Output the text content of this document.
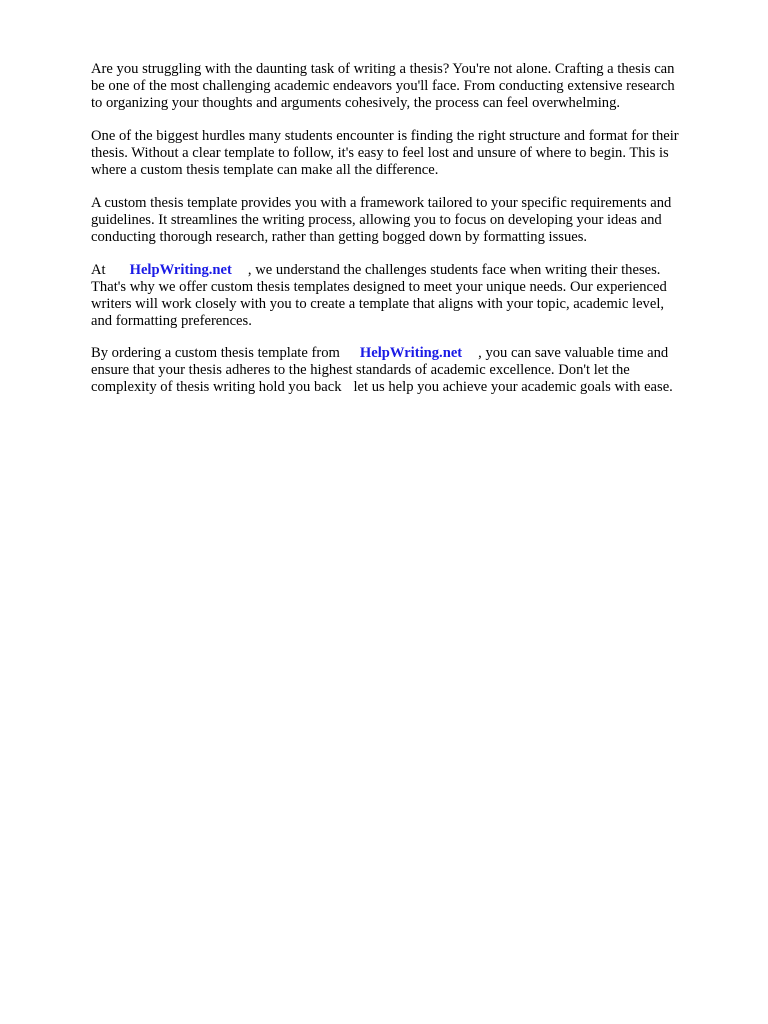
Are you struggling with the daunting task of writing a thesis? You're not alone. Crafting a thesis can
be one of the most challenging academic endeavors you'll face. From conducting extensive research
to organizing your thoughts and arguments cohesively, the process can feel overwhelming.

One of the biggest hurdles many students encounter is finding the right structure and format for their
thesis. Without a clear template to follow, it's easy to feel lost and unsure of where to begin. This is
where a custom thesis template can make all the difference.

A custom thesis template provides you with a framework tailored to your specific requirements and
guidelines. It streamlines the writing process, allowing you to focus on developing your ideas and
conducting thorough research, rather than getting bogged down by formatting issues.

At HelpWriting.net , we understand the challenges students face when writing their theses.
That's why we offer custom thesis templates designed to meet your unique needs. Our experienced
writers will work closely with you to create a template that aligns with your topic, academic level,
and formatting preferences.

By ordering a custom thesis template from HelpWriting.net , you can save valuable time and
ensure that your thesis adheres to the highest standards of academic excellence. Don't let the
complexity of thesis writing hold you back let us help you achieve your academic goals with ease.
